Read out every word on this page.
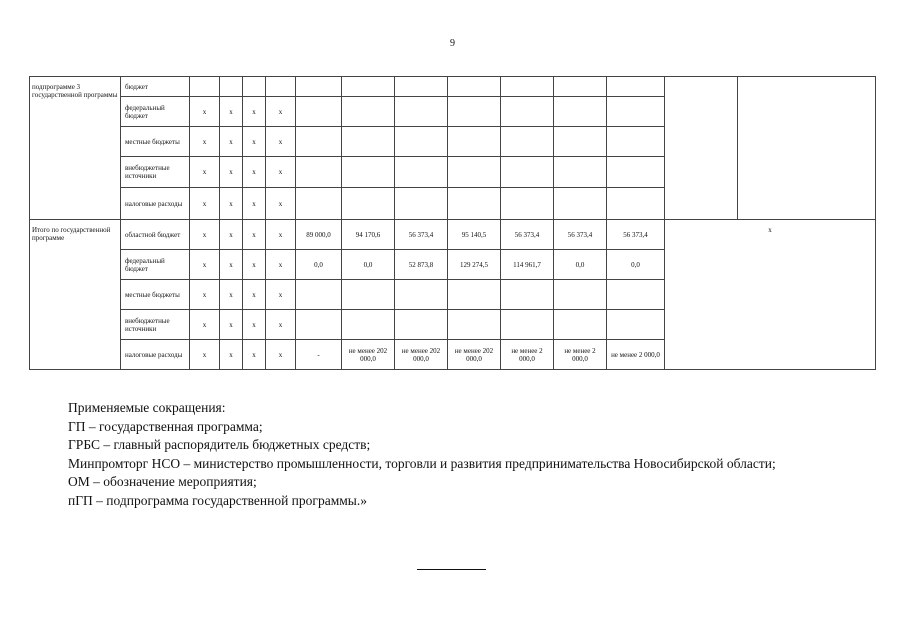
9
подпрограмме 3 государственной программы	бюджет													
	федеральный бюджет	х	х	х	х									
	местные бюджеты	х	х	х	х									
	внебюджетные источники	х	х	х	х									
	налоговые расходы	х	х	х	х									
Итого по государственной программе	областной бюджет	х	х	х	х	89 000,0	94 170,6	56 373,4	95 140,5	56 373,4	56 373,4	56 373,4	х	
	федеральный бюджет	х	х	х	х	0,0	0,0	52 873,8	129 274,5	114 961,7	0,0	0,0		
	местные бюджеты	х	х	х	х									
	внебюджетные источники	х	х	х	х									
	налоговые расходы	х	х	х	х	-	не менее 202 000,0	не менее 202 000,0	не менее 202 000,0	не менее 2 000,0	не менее 2 000,0	не менее 2 000,0		
Применяемые сокращения:
ГП – государственная программа;
ГРБС – главный распорядитель бюджетных средств;
Минпромторг НСО – министерство промышленности, торговли и развития предпринимательства Новосибирской области;
ОМ – обозначение мероприятия;
пГП – подпрограмма государственной программы.»
